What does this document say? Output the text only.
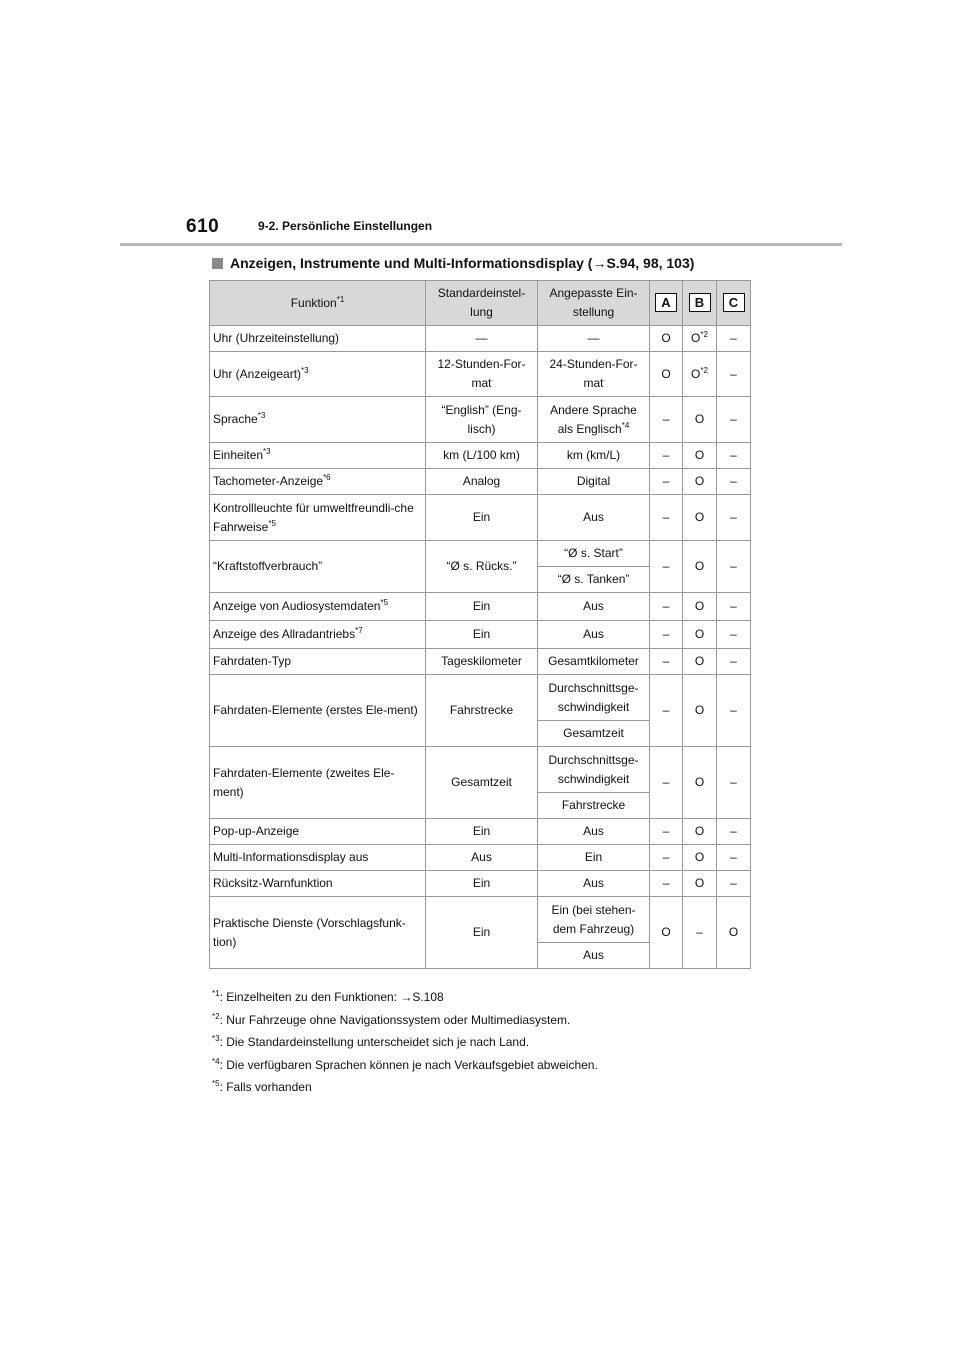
610	9-2. Persönliche Einstellungen
Anzeigen, Instrumente und Multi-Informationsdisplay (→S.94, 98, 103)
Funktion$^{*1}$	Standardeinstel-lung	Angepasste Ein-stellung	A	B	C
Uhr (Uhrzeiteinstellung)	—	—	O	$O^{*2}$	–
Uhr (Anzeigeart)$^{*3}$	12-Stunden-For-mat	24-Stunden-For-mat	O	$O^{*2}$	–
Sprache$^{*3}$	“English” (Eng-lisch)	Andere Sprache als Englisch$^{*4}$	–	O	–
Einheiten$^{*3}$	km (L/100 km)	km (km/L)	–	O	–
Tachometer-Anzeige$^{*6}$	Analog	Digital	–	O	–
Kontrollleuchte für umweltfreundli-che Fahrweise$^{*5}$	Ein	Aus	–	O	–
“Kraftstoffverbrauch”	“Ø s. Rücks.”	“Ø s. Start”	–	O	–
		“Ø s. Tanken”			
Anzeige von Audiosystemdaten$^{*5}$	Ein	Aus	–	O	–
Anzeige des Allradantriebs$^{*7}$	Ein	Aus	–	O	–
Fahrdaten-Typ	Tageskilometer	Gesamtkilometer	–	O	–
Fahrdaten-Elemente (erstes Ele-ment)	Fahrstrecke	Durchschnittsge-schwindigkeit	–	O	–
		Gesamtzeit			
Fahrdaten-Elemente (zweites Ele-ment)	Gesamtzeit	Durchschnittsge-schwindigkeit	–	O	–
		Fahrstrecke			
Pop-up-Anzeige	Ein	Aus	–	O	–
Multi-Informationsdisplay aus	Aus	Ein	–	O	–
Rücksitz-Warnfunktion	Ein	Aus	–	O	–
Praktische Dienste (Vorschlagsfunk-tion)	Ein	Ein (bei stehen-dem Fahrzeug)	O	–	O
		Aus			
$^{*1}$: Einzelheiten zu den Funktionen: →S.108
$^{*2}$: Nur Fahrzeuge ohne Navigationssystem oder Multimediasystem.
$^{*3}$: Die Standardeinstellung unterscheidet sich je nach Land.
$^{*4}$: Die verfügbaren Sprachen können je nach Verkaufsgebiet abweichen.
$^{*5}$: Falls vorhanden
